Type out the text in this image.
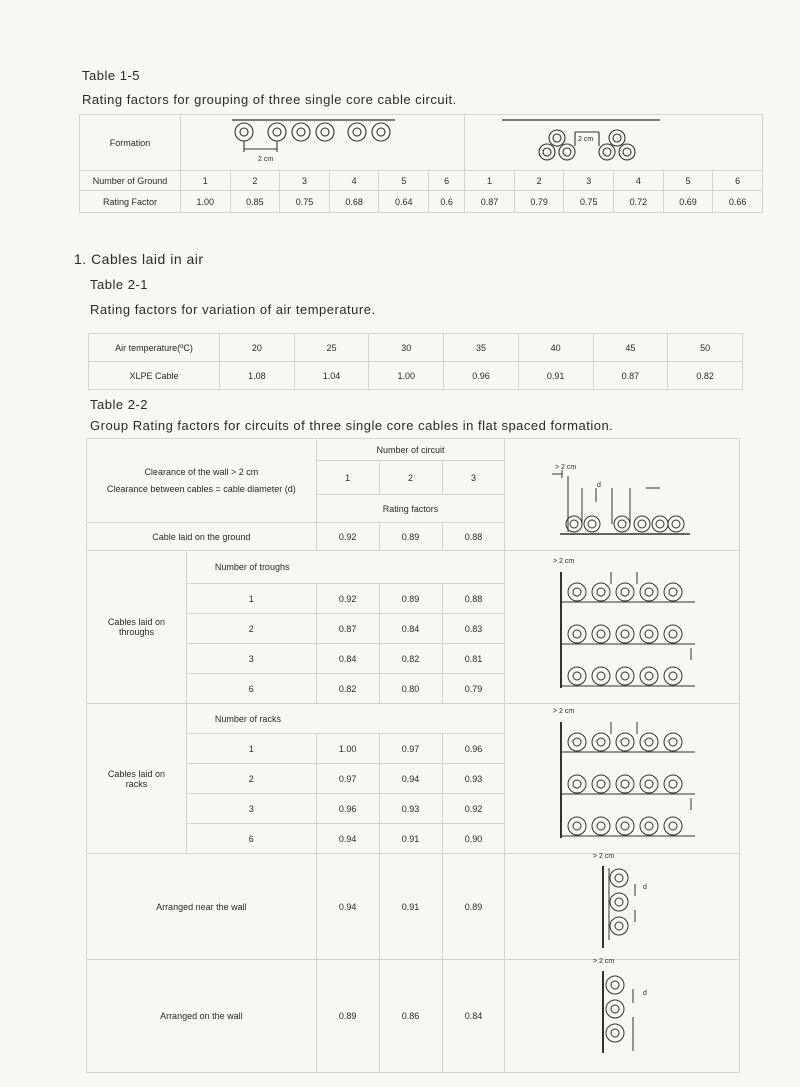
Table 1-5
Rating factors for grouping of three single core cable circuit.
Formation												
Number of Ground	1	2	3	4	5	6	1	2	3	4	5	6
Rating Factor	1.00	0.85	0.75	0.68	0.64	0.6	0.87	0.79	0.75	0.72	0.69	0.66
2 cm
2 cm
1. Cables laid in air
Table 2-1
Rating factors for variation of air temperature.
Air temperature(ºC)	20	25	30	35	40	45	50
XLPE Cable	1.08	1.04	1.00	0.96	0.91	0.87	0.82
Table 2-2
Group Rating factors for circuits of three single core cables in flat spaced formation.
Clearance of the wall > 2 cm
Clearance between cables = cable diameter (d)		Number of circuit			
		1	2	3	
		Rating factors			
Cable laid on the ground		0.92	0.89	0.88	

Cables laid on throughs	Number of troughs				
	1	0.92	0.89	0.88	
	2	0.87	0.84	0.83	
	3	0.84	0.82	0.81	
	6	0.82	0.80	0.79	

Cables laid on racks	Number of racks				
	1	1.00	0.97	0.96	
	2	0.97	0.94	0.93	
	3	0.96	0.93	0.92	
	6	0.94	0.91	0.90	
Arranged near the wall		0.94	0.91	0.89	
Arranged on the wall		0.89	0.86	0.84	
> 2 cm
d
> 2 cm
> 2 cm
> 2 cm
d
> 2 cm
d
